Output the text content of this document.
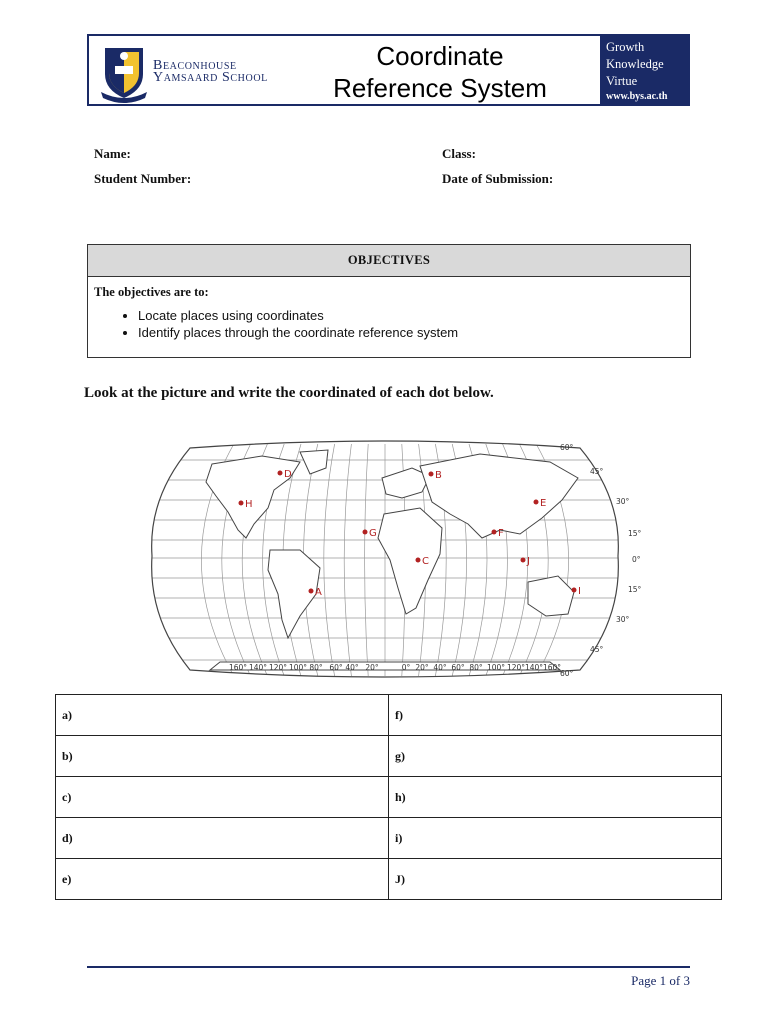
Beaconhouse
Yamsaard School
Coordinate
Reference System
Growth
Knowledge
Virtue
www.bys.ac.th
Name:	Class:
Student Number:	Date of Submission:
OBJECTIVES
The objectives are to:
• Locate places using coordinates
• Identify places through the coordinate reference system
Look at the picture and write the coordinated of each dot below.
160° 140° 120° 100° 80° 60° 40° 20°	0° 20° 40° 60° 80° 100° 120° 140° 160°
60°
45°
30°
15°
0°
15°
30°
45°
60°
A
B
C
D
E
F
G
H
I
J
a)	f)
b)	g)
c)	h)
d)	i)
e)	J)
Page 1 of 3
